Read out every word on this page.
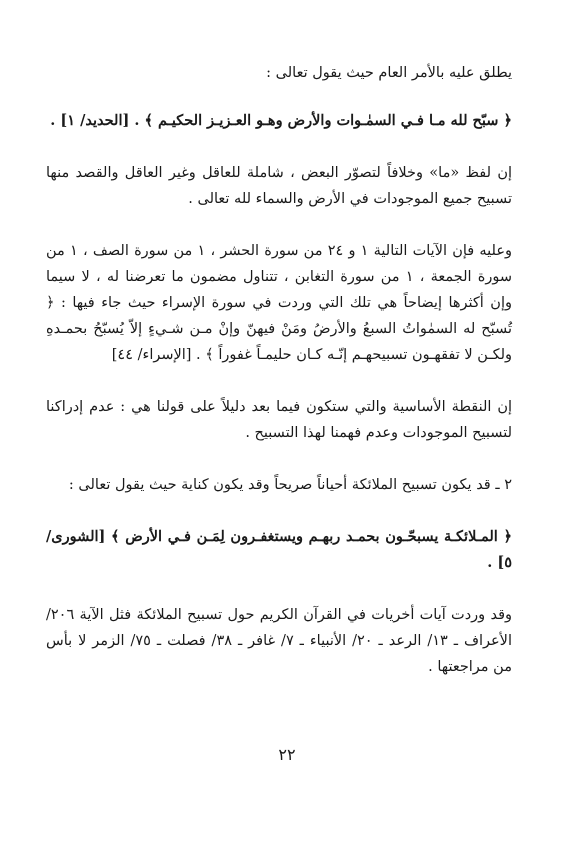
يطلق عليه بالأمر العام حيث يقول تعالى :

﴿ سبّح لله مـا فـي السمٰـوات والأرض وهـو العـزيـز الحكيـم ﴾ . [الحديد/ ١] .

إن لفظ «ما» وخلافاً لتصوّر البعض ، شاملة للعاقل وغير العاقل والقصد منها تسبيح جميع الموجودات في الأرض والسماء لله تعالى .

وعليه فإن الآيات التالية ١ و ٢٤ من سورة الحشر ، ١ من سورة الصف ، ١ من سورة الجمعة ، ١ من سورة التغابن ، تتناول مضمون ما تعرضنا له ، لا سيما وإن أكثرها إيضاحاً هي تلك التي وردت في سورة الإسراء حيث جاء فيها : ﴿ تُسبّح له السمٰواتُ السبعُ والأرضُ ومَنْ فيهنّ وإنْ مـن شـيءٍ إلاّ يُسبّحُ بحمـدهِ ولكـن لا تفقهـون تسبيحهـم إنّـه كـان حليمـاً غفوراً ﴾ . [الإسراء/ ٤٤]

إن النقطة الأساسية والتي ستكون فيما بعد دليلاً على قولنا هي : عدم إدراكنا لتسبيح الموجودات وعدم فهمنا لهذا التسبيح .

٢ ـ قد يكون تسبيح الملائكة أحياناً صريحاً وقد يكون كناية حيث يقول تعالى :

﴿ المـلائكـة يسبحّـون بحمـد ربهـم ويستغفـرون لِمَـن فـي الأرض ﴾ [الشورى/ ٥] .

وقد وردت آيات أخريات في القرآن الكريم حول تسبيح الملائكة فثل الآية ٢٠٦/ الأعراف ـ ١٣/ الرعد ـ ٢٠/ الأنبياء ـ ٧/ غافر ـ ٣٨/ فصلت ـ ٧٥/ الزمر لا بأس من مراجعتها .

٢٢
